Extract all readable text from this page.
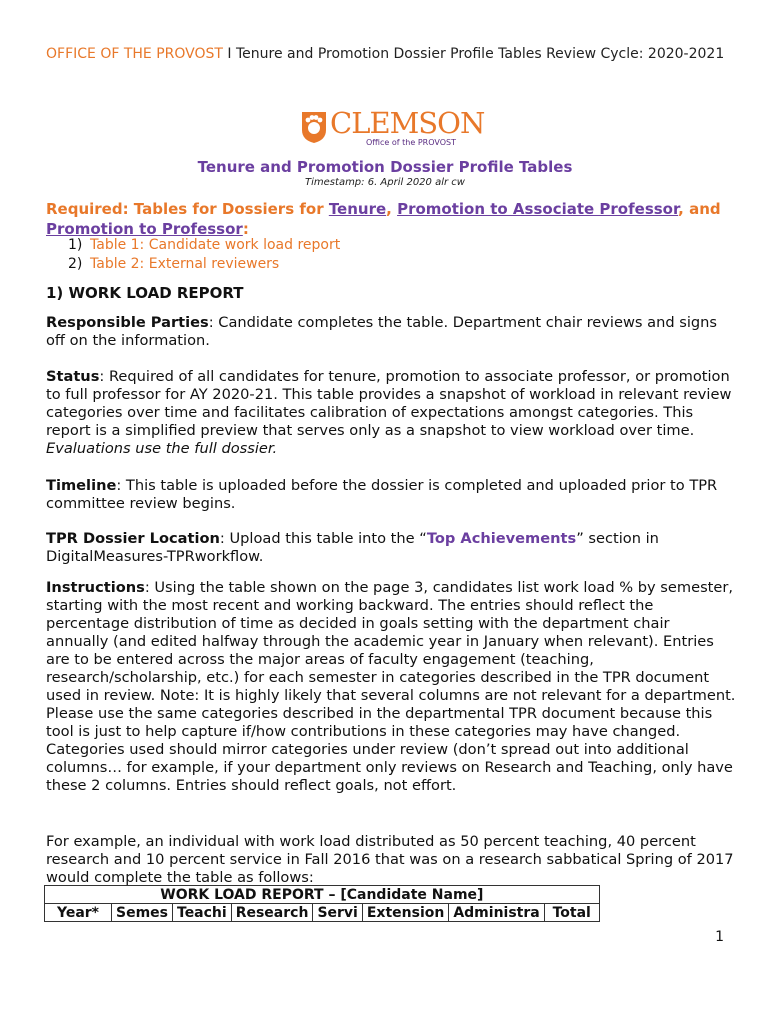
OFFICE OF THE PROVOST I Tenure and Promotion Dossier Profile Tables Review Cycle: 2020-2021
CLEMSON
Office of the PROVOST
Tenure and Promotion Dossier Profile Tables
Timestamp: 6. April 2020 alr cw
Required: Tables for Dossiers for Tenure, Promotion to Associate Professor, and
Promotion to Professor:
1) Table 1: Candidate work load report
2) Table 2: External reviewers
1) WORK LOAD REPORT
Responsible Parties: Candidate completes the table. Department chair reviews and signs off on the information.
Status: Required of all candidates for tenure, promotion to associate professor, or promotion to full professor for AY 2020-21. This table provides a snapshot of workload in relevant review categories over time and facilitates calibration of expectations amongst categories. This report is a simplified preview that serves only as a snapshot to view workload over time. Evaluations use the full dossier.
Timeline: This table is uploaded before the dossier is completed and uploaded prior to TPR committee review begins.
TPR Dossier Location: Upload this table into the “Top Achievements” section in DigitalMeasures-TPRworkflow.
Instructions: Using the table shown on the page 3, candidates list work load % by semester, starting with the most recent and working backward. The entries should reflect the percentage distribution of time as decided in goals setting with the department chair annually (and edited halfway through the academic year in January when relevant). Entries are to be entered across the major areas of faculty engagement (teaching, research/scholarship, etc.) for each semester in categories described in the TPR document used in review. Note: It is highly likely that several columns are not relevant for a department. Please use the same categories described in the departmental TPR document because this tool is just to help capture if/how contributions in these categories may have changed. Categories used should mirror categories under review (don’t spread out into additional columns… for example, if your department only reviews on Research and Teaching, only have these 2 columns. Entries should reflect goals, not effort.
For example, an individual with work load distributed as 50 percent teaching, 40 percent research and 10 percent service in Fall 2016 that was on a research sabbatical Spring of 2017 would complete the table as follows:
WORK LOAD REPORT – [Candidate Name]
Year*	Semes	Teachi	Research	Servi	Extension	Administra	Total
1
